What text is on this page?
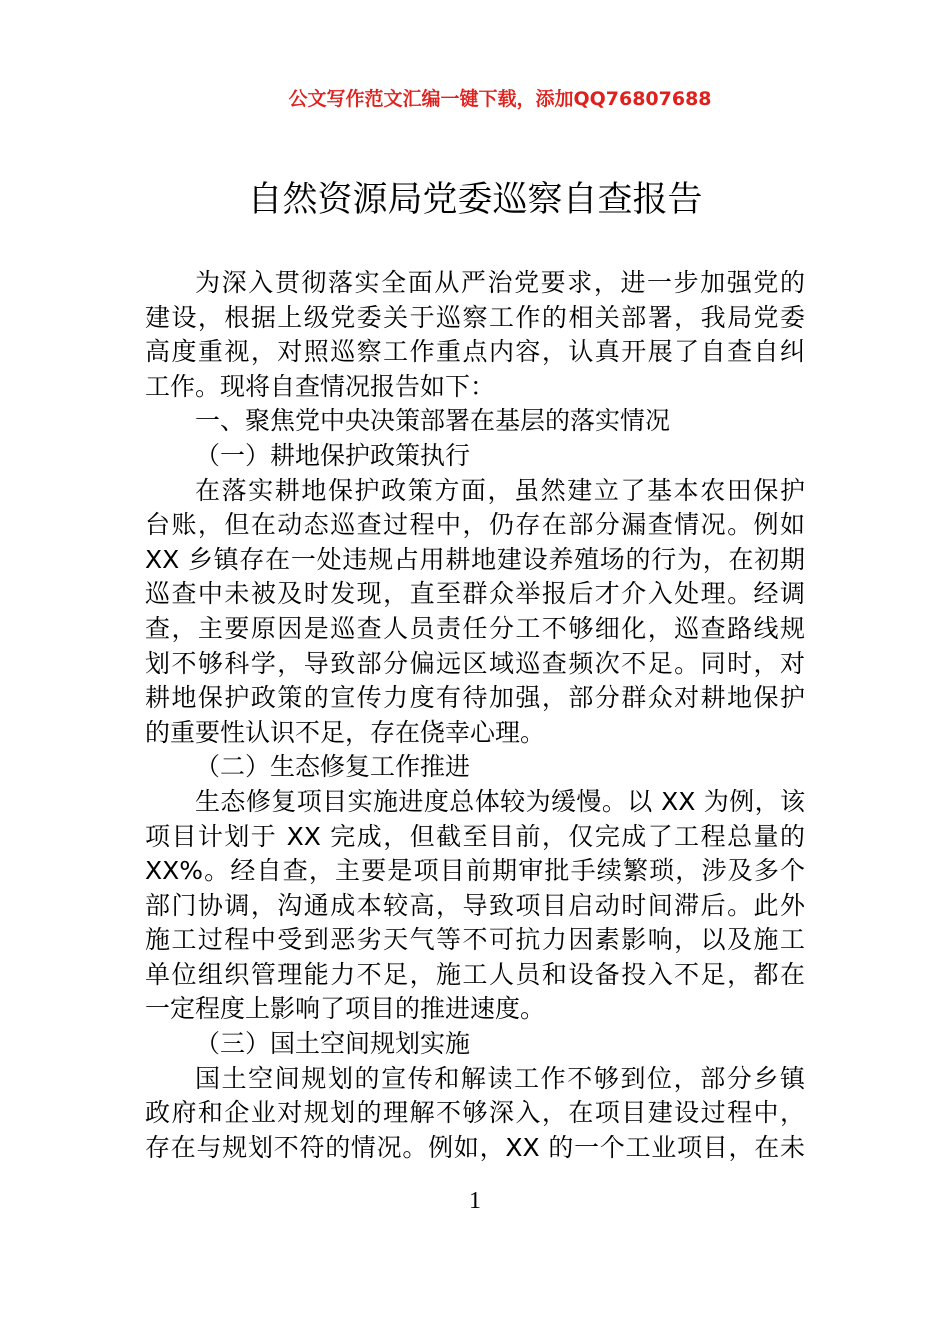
公文写作范文汇编一键下载，添加QQ76807688
自然资源局党委巡察自查报告
为深入贯彻落实全面从严治党要求，进一步加强党的
建设，根据上级党委关于巡察工作的相关部署，我局党委
高度重视，对照巡察工作重点内容，认真开展了自查自纠
工作。现将自查情况报告如下：
一、聚焦党中央决策部署在基层的落实情况
（一）耕地保护政策执行
在落实耕地保护政策方面，虽然建立了基本农田保护
台账，但在动态巡查过程中，仍存在部分漏查情况。例如
XX 乡镇存在一处违规占用耕地建设养殖场的行为，在初期
巡查中未被及时发现，直至群众举报后才介入处理。经调
查，主要原因是巡查人员责任分工不够细化，巡查路线规
划不够科学，导致部分偏远区域巡查频次不足。同时，对
耕地保护政策的宣传力度有待加强，部分群众对耕地保护
的重要性认识不足，存在侥幸心理。
（二）生态修复工作推进
生态修复项目实施进度总体较为缓慢。以 XX 为例，该
项目计划于 XX 完成，但截至目前，仅完成了工程总量的
XX%。经自查，主要是项目前期审批手续繁琐，涉及多个
部门协调，沟通成本较高，导致项目启动时间滞后。此外
施工过程中受到恶劣天气等不可抗力因素影响，以及施工
单位组织管理能力不足，施工人员和设备投入不足，都在
一定程度上影响了项目的推进速度。
（三）国土空间规划实施
国土空间规划的宣传和解读工作不够到位，部分乡镇
政府和企业对规划的理解不够深入，在项目建设过程中，
存在与规划不符的情况。例如，XX 的一个工业项目，在未
1
